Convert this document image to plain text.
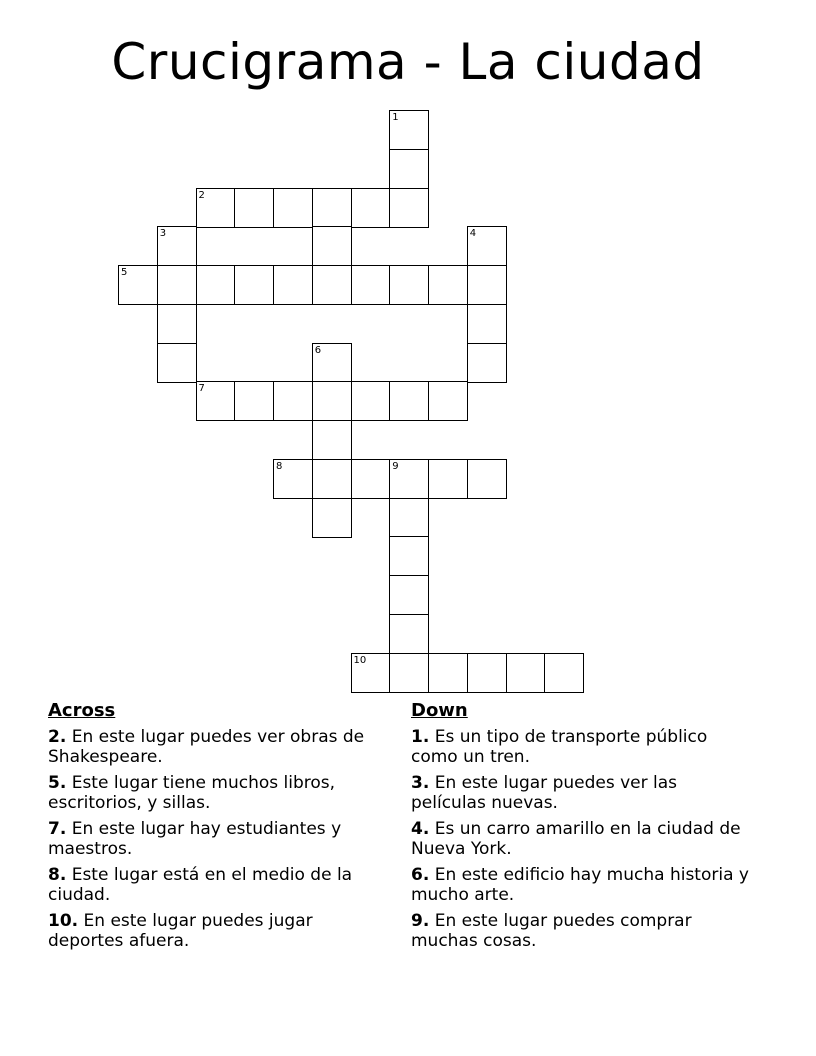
Crucigrama - La ciudad
1
2
3	4
5
6
7
8	9
10
Across
2. En este lugar puedes ver obras de Shakespeare.
5. Este lugar tiene muchos libros, escritorios, y sillas.
7. En este lugar hay estudiantes y maestros.
8. Este lugar está en el medio de la ciudad.
10. En este lugar puedes jugar deportes afuera.
Down
1. Es un tipo de transporte público como un tren.
3. En este lugar puedes ver las películas nuevas.
4. Es un carro amarillo en la ciudad de Nueva York.
6. En este edificio hay mucha historia y mucho arte.
9. En este lugar puedes comprar muchas cosas.
